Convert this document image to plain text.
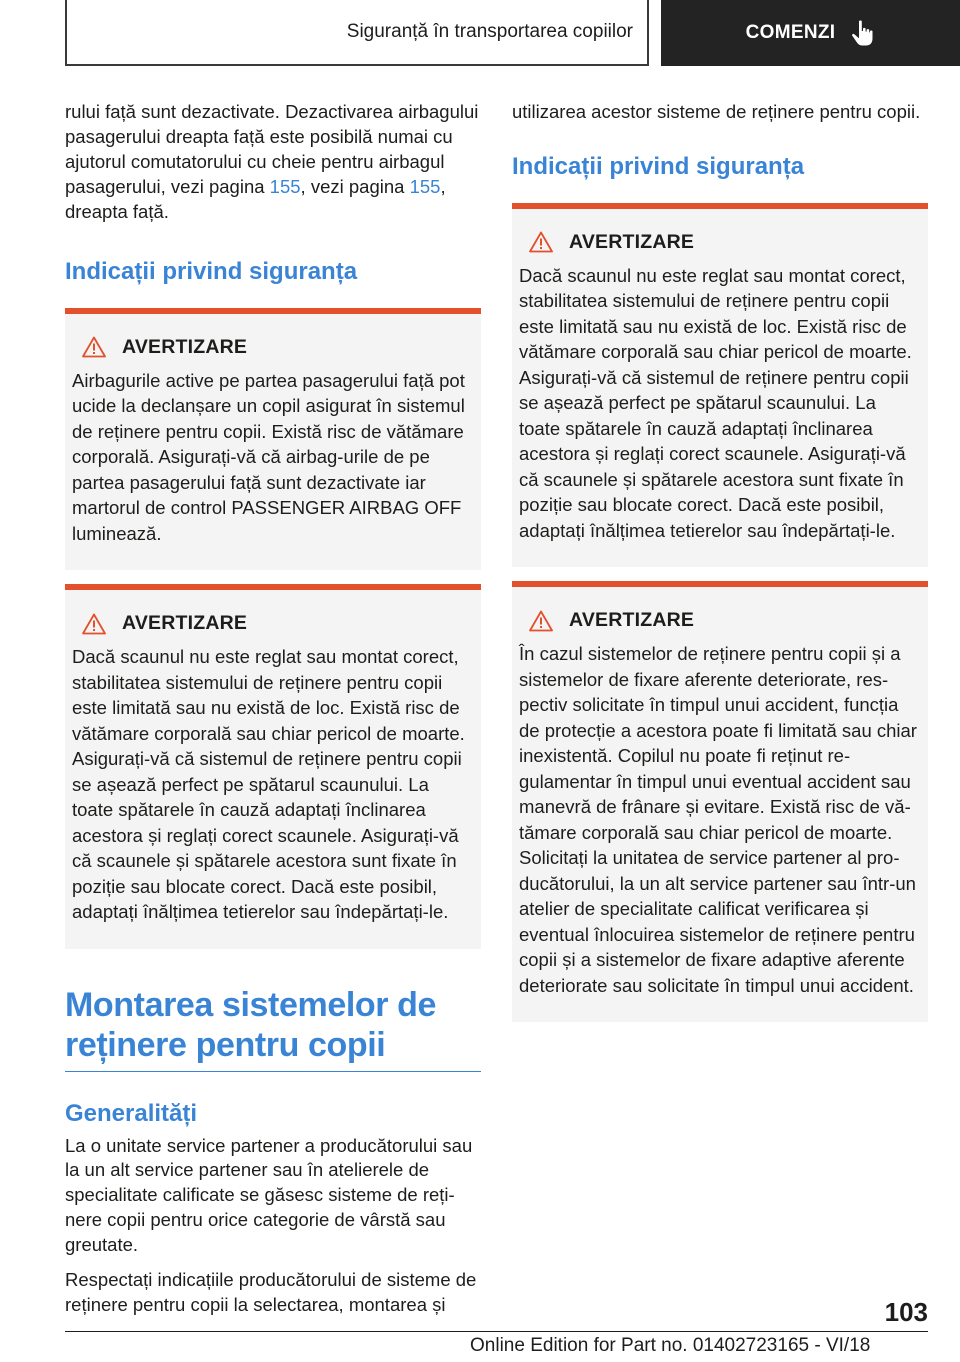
Siguranță în transportarea copiilor	COMENZI

rului față sunt dezactivate. Dezactivarea airbagului pasagerului dreapta față este posibilă numai cu ajutorul comutatorului cu cheie pentru airbagul pasagerului, vezi pagina 155, vezi pagina 155, dreapta față.

Indicații privind siguranța
AVERTIZARE
Airbagurile active pe partea pasagerului față pot ucide la declanșare un copil asigurat în sistemul de reținere pentru copii. Există risc de vătămare corporală. Asigurați-vă că airbag-urile de pe partea pasagerului față sunt dezactivate iar martorul de control PASSENGER AIRBAG OFF luminează.
AVERTIZARE
Dacă scaunul nu este reglat sau montat corect, stabilitatea sistemului de reținere pentru copii este limitată sau nu există de loc. Există risc de vătămare corporală sau chiar pericol de moarte. Asigurați-vă că sistemul de reținere pentru copii se așează perfect pe spătarul scaunului. La toate spătarele în cauză adaptați înclinarea acestora și reglați corect scaunele. Asigurați-vă că scaunele și spătarele acestora sunt fixate în poziție sau blocate corect. Dacă este posibil, adaptați înălțimea tetierelor sau îndepărtați-le.
Montarea sistemelor de reținere pentru copii
Generalități

La o unitate service partener a producătorului sau la un alt service partener sau în atelierele de specialitate calificate se găsesc sisteme de reținere copii pentru orice categorie de vârstă sau greutate.

Respectați indicațiile producătorului de sisteme de reținere pentru copii la selectarea, montarea și

utilizarea acestor sisteme de reținere pentru copii.

Indicații privind siguranța
AVERTIZARE
Dacă scaunul nu este reglat sau montat corect, stabilitatea sistemului de reținere pentru copii este limitată sau nu există de loc. Există risc de vătămare corporală sau chiar pericol de moarte. Asigurați-vă că sistemul de reținere pentru copii se așează perfect pe spătarul scaunului. La toate spătarele în cauză adaptați înclinarea acestora și reglați corect scaunele. Asigurați-vă că scaunele și spătarele acestora sunt fixate în poziție sau blocate corect. Dacă este posibil, adaptați înălțimea tetierelor sau îndepărtați-le.
AVERTIZARE
În cazul sistemelor de reținere pentru copii și a sistemelor de fixare aferente deteriorate, respectiv solicitate în timpul unui accident, funcția de protecție a acestora poate fi limitată sau chiar inexistentă. Copilul nu poate fi reținut regulamentar în timpul unui eventual accident sau manevră de frânare și evitare. Există risc de vătămare corporală sau chiar pericol de moarte. Solicitați la unitatea de service partener al producătorului, la un alt service partener sau într-un atelier de specialitate calificat verificarea și eventual înlocuirea sistemelor de reținere pentru copii și a sistemelor de fixare adaptive aferente deteriorate sau solicitate în timpul unui accident.
103
Online Edition for Part no. 01402723165 - VI/18
